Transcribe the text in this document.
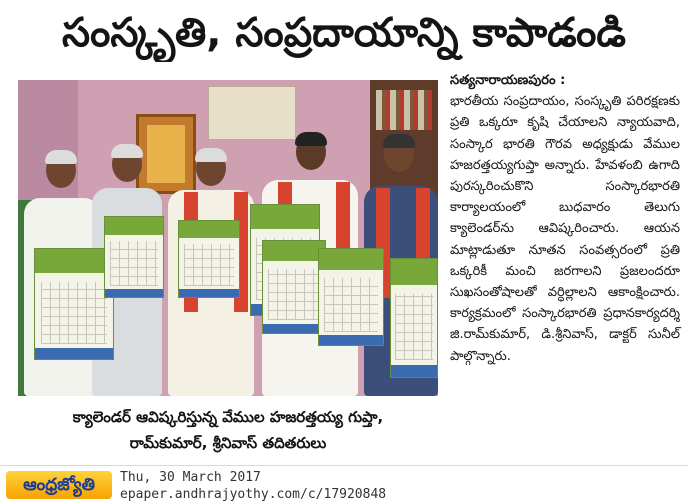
సంస్కృతి, సంప్రదాయాన్ని కాపాడండి
క్యాలెండర్ ఆవిష్కరిస్తున్న వేముల హజరత్తయ్య గుప్తా,
రామ్‌కుమార్, శ్రీనివాస్ తదితరులు
సత్యనారాయణపురం :
భారతీయ సంప్రదాయం, సంస్కృతి పరిరక్షణకు ప్రతి ఒక్కరూ కృషి చేయాలని న్యాయవాది, సంస్కార భారతి గౌరవ అధ్యక్షుడు వేముల హజరత్తయ్యగుప్తా అన్నారు. హేవళంబి ఉగాది పురస్కరించుకొని సంస్కారభారతి కార్యాలయంలో బుధవారం తెలుగు క్యాలెండర్‌ను ఆవిష్కరించారు. ఆయన మాట్లాడుతూ నూతన సంవత్సరంలో ప్రతి ఒక్కరికీ మంచి జరగాలని ప్రజలందరూ సుఖసంతోషాలతో వర్ధిల్లాలని ఆకాంక్షించారు. కార్యక్రమంలో సంస్కారభారతి ప్రధానకార్యదర్శి జి.రామ్‌కుమార్, డి.శ్రీనివాస్, డాక్టర్ సునీల్ పాల్గొన్నారు.
ఆంధ్రజ్యోతి	Thu, 30 March 2017
epaper.andhrajyothy.com/c/17920848
